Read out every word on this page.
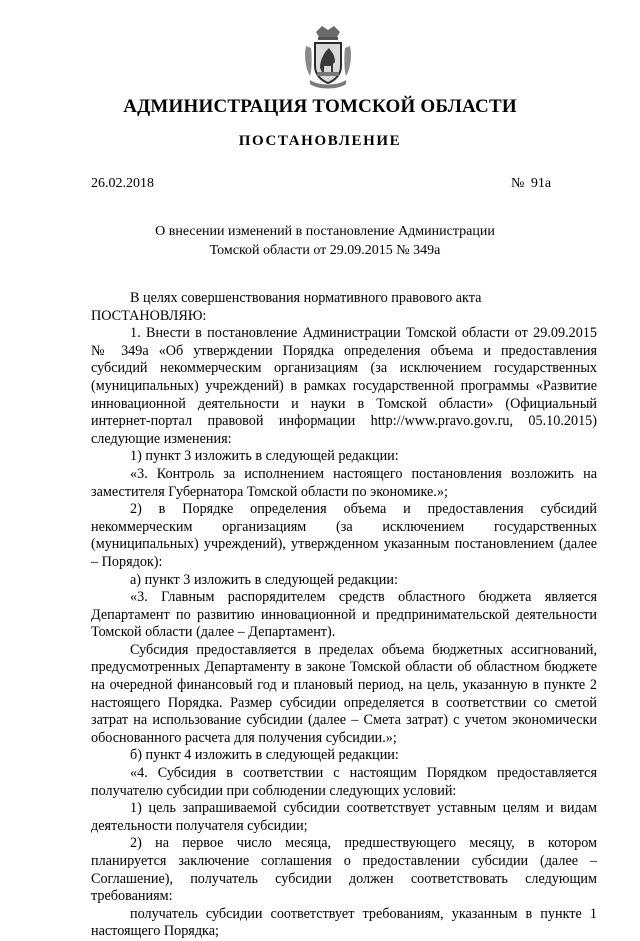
АДМИНИСТРАЦИЯ ТОМСКОЙ ОБЛАСТИ
ПОСТАНОВЛЕНИЕ
26.02.2018	№ 91а
О внесении изменений в постановление Администрации
Томской области от 29.09.2015 № 349а

В целях совершенствования нормативного правового акта

ПОСТАНОВЛЯЮ:

1. Внести в постановление Администрации Томской области от 29.09.2015 № 349а «Об утверждении Порядка определения объема и предоставления субсидий некоммерческим организациям (за исключением государственных (муниципальных) учреждений) в рамках государственной программы «Развитие инновационной деятельности и науки в Томской области» (Официальный интернет-портал правовой информации http://www.pravo.gov.ru, 05.10.2015) следующие изменения:

1) пункт 3 изложить в следующей редакции:

«3. Контроль за исполнением настоящего постановления возложить на заместителя Губернатора Томской области по экономике.»;

2) в Порядке определения объема и предоставления субсидий некоммерческим организациям (за исключением государственных (муниципальных) учреждений), утвержденном указанным постановлением (далее – Порядок):

а) пункт 3 изложить в следующей редакции:

«3. Главным распорядителем средств областного бюджета является Департамент по развитию инновационной и предпринимательской деятельности Томской области (далее – Департамент).

Субсидия предоставляется в пределах объема бюджетных ассигнований, предусмотренных Департаменту в законе Томской области об областном бюджете на очередной финансовый год и плановый период, на цель, указанную в пункте 2 настоящего Порядка. Размер субсидии определяется в соответствии со сметой затрат на использование субсидии (далее – Смета затрат) с учетом экономически обоснованного расчета для получения субсидии.»;

б) пункт 4 изложить в следующей редакции:

«4. Субсидия в соответствии с настоящим Порядком предоставляется получателю субсидии при соблюдении следующих условий:

1) цель запрашиваемой субсидии соответствует уставным целям и видам деятельности получателя субсидии;

2) на первое число месяца, предшествующего месяцу, в котором планируется заключение соглашения о предоставлении субсидии (далее – Соглашение), получатель субсидии должен соответствовать следующим требованиям:

получатель субсидии соответствует требованиям, указанным в пункте 1 настоящего Порядка;
